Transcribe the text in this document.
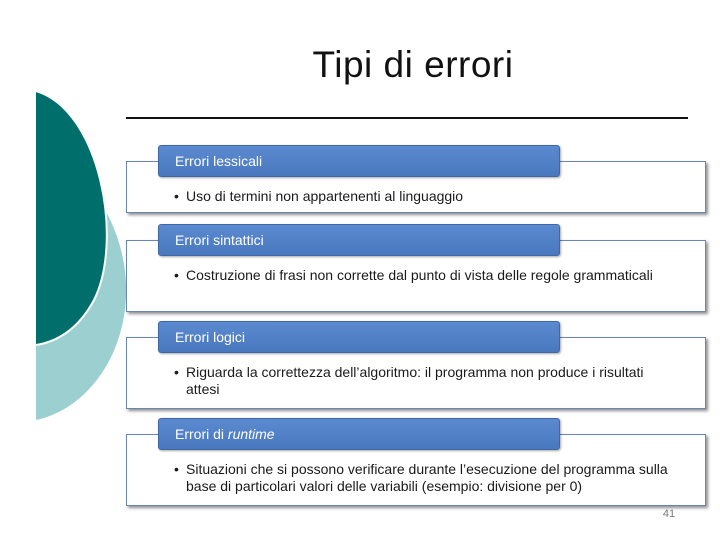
Tipi di errori
Errori lessicali
• Uso di termini non appartenenti al linguaggio
Errori sintattici
• Costruzione di frasi non corrette dal punto di vista delle regole grammaticali
Errori logici
• Riguarda la correttezza dell’algoritmo: il programma non produce i risultati attesi
Errori di runtime
• Situazioni che si possono verificare durante l’esecuzione del programma sulla base di particolari valori delle variabili (esempio: divisione per 0)
41
